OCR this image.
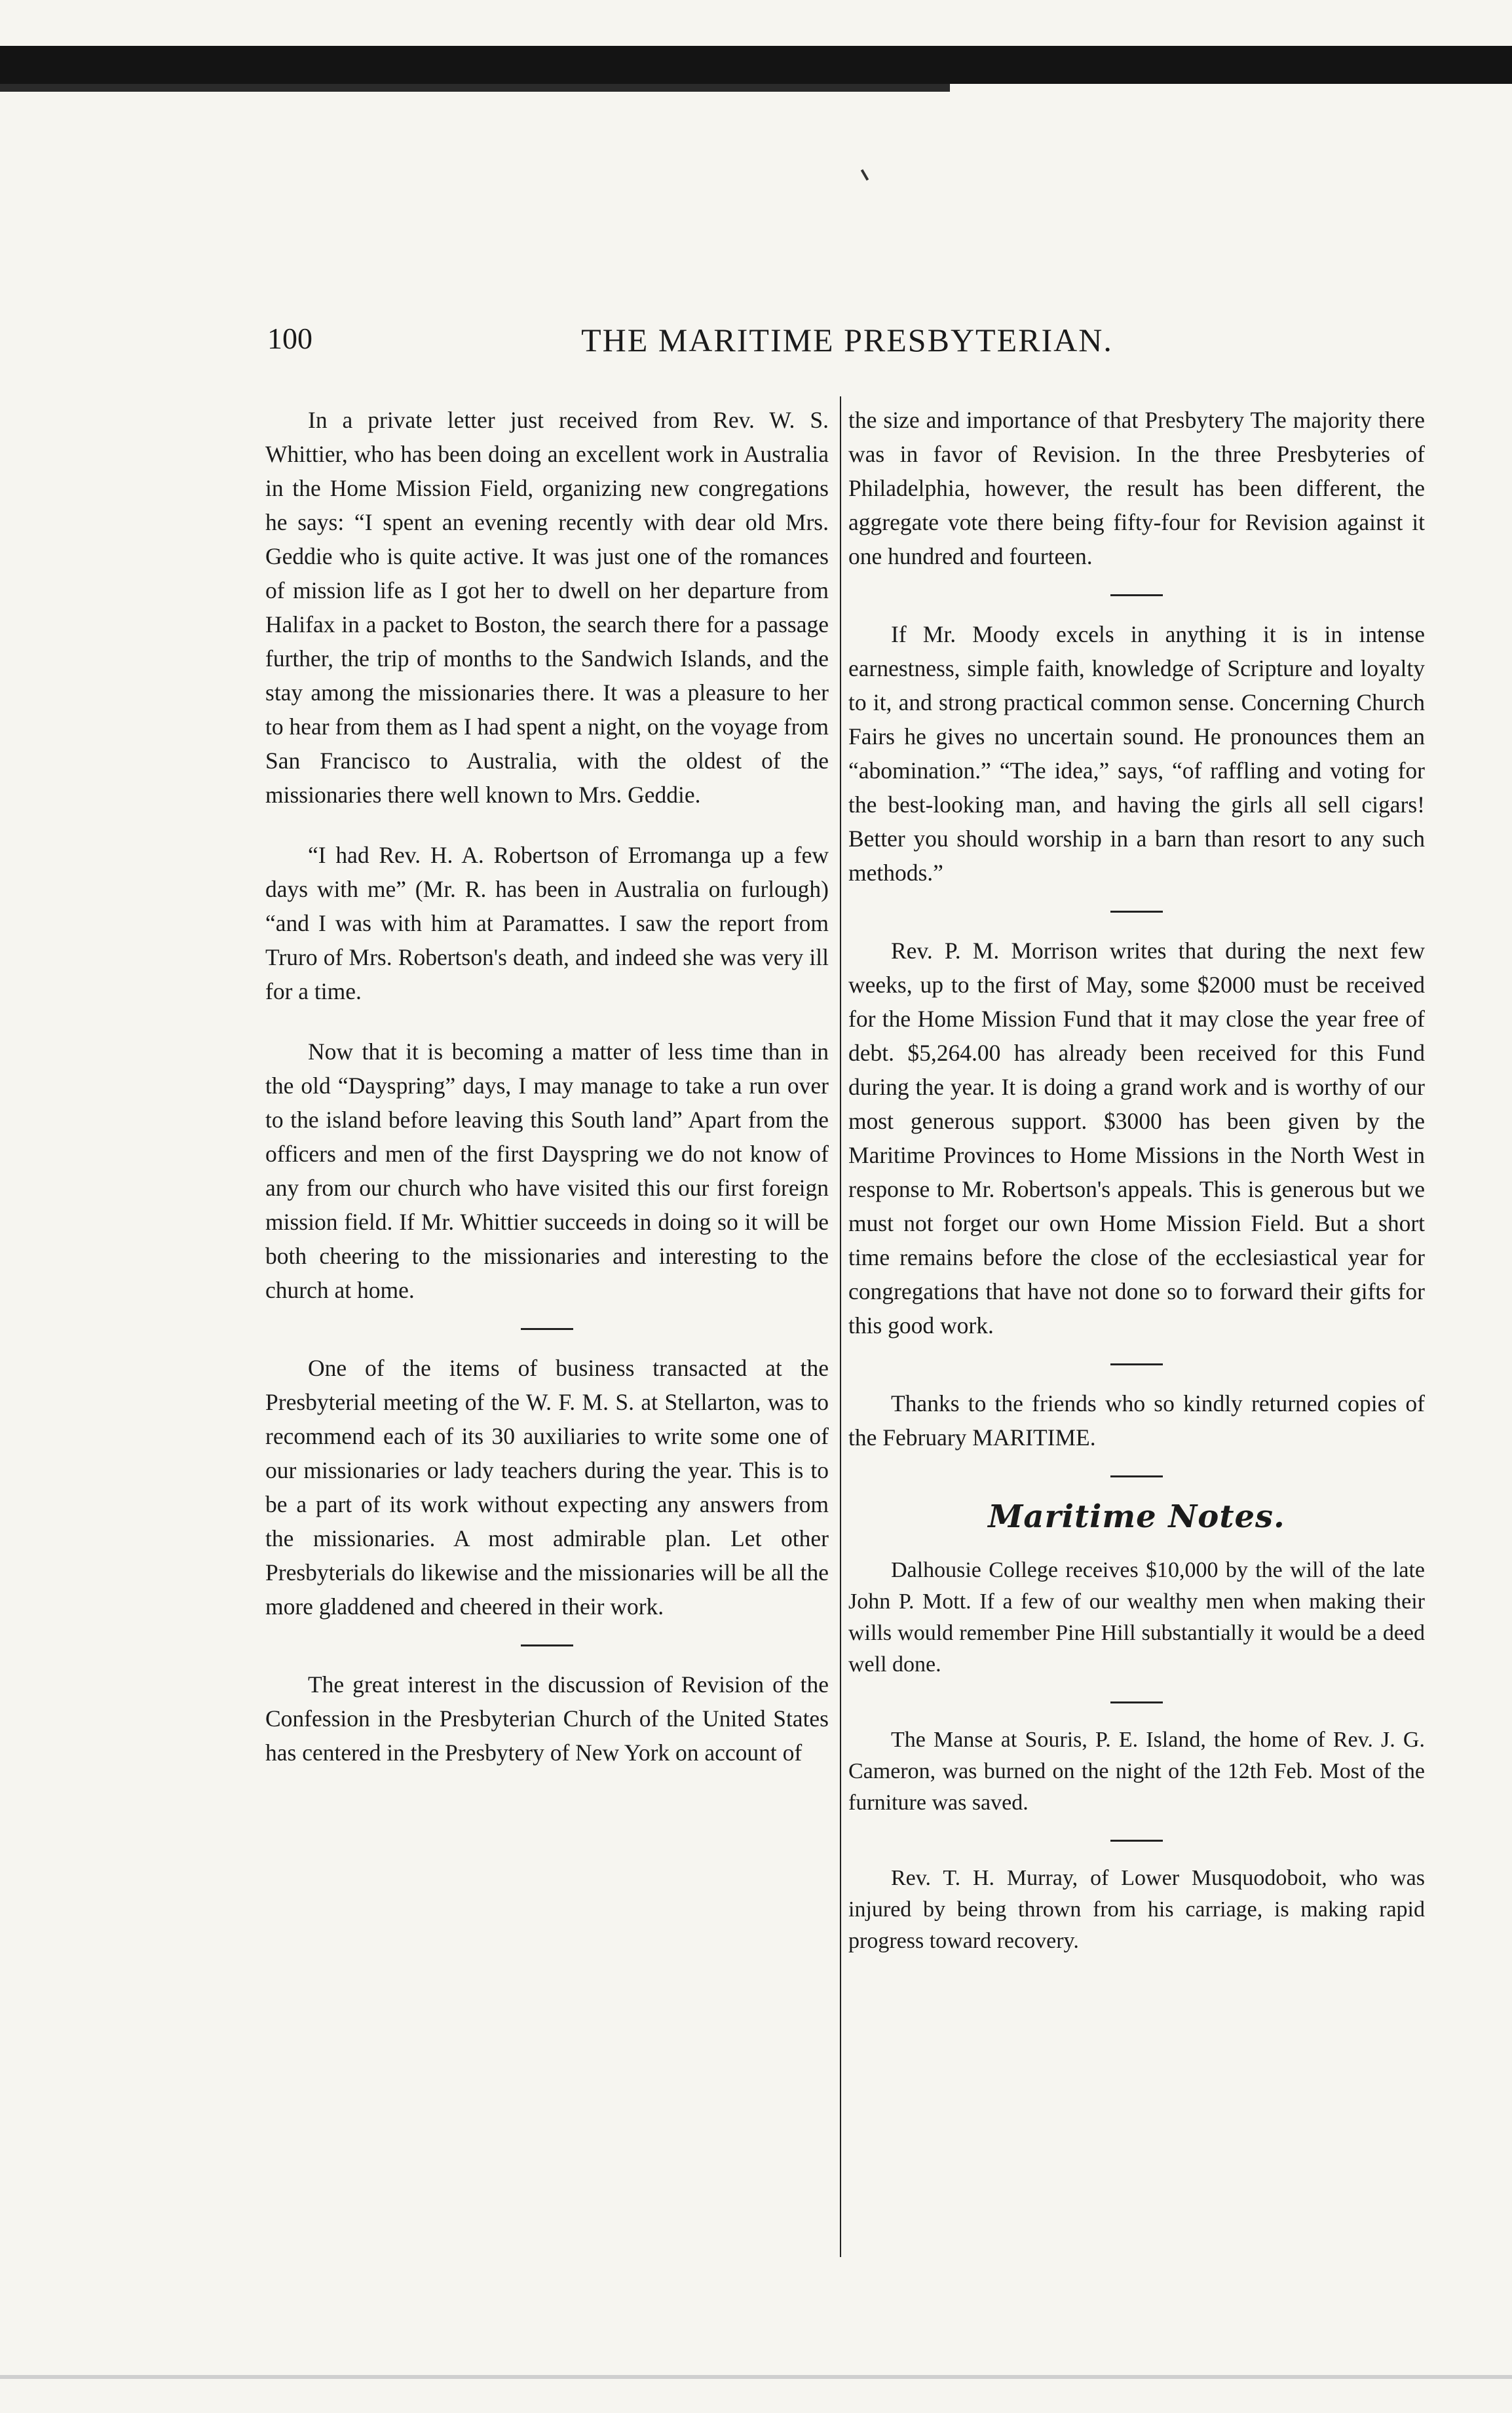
100	THE MARITIME PRESBYTERIAN.

In a private letter just received from Rev. W. S. Whittier, who has been doing an excellent work in Australia in the Home Mission Field, organizing new congregations he says: “I spent an evening recently with dear old Mrs. Geddie who is quite active. It was just one of the romances of mission life as I got her to dwell on her departure from Halifax in a packet to Boston, the search there for a passage further, the trip of months to the Sandwich Islands, and the stay among the missionaries there. It was a pleasure to her to hear from them as I had spent a night, on the voyage from San Francisco to Australia, with the oldest of the missionaries there well known to Mrs. Geddie.

“I had Rev. H. A. Robertson of Erromanga up a few days with me” (Mr. R. has been in Australia on furlough) “and I was with him at Paramattes. I saw the report from Truro of Mrs. Robertson's death, and indeed she was very ill for a time.

Now that it is becoming a matter of less time than in the old “Dayspring” days, I may manage to take a run over to the island before leaving this South land” Apart from the officers and men of the first Dayspring we do not know of any from our church who have visited this our first foreign mission field. If Mr. Whittier succeeds in doing so it will be both cheering to the missionaries and interesting to the church at home.

One of the items of business transacted at the Presbyterial meeting of the W. F. M. S. at Stellarton, was to recommend each of its 30 auxiliaries to write some one of our missionaries or lady teachers during the year. This is to be a part of its work without expecting any answers from the missionaries. A most admirable plan. Let other Presbyterials do likewise and the missionaries will be all the more gladdened and cheered in their work.

The great interest in the discussion of Revision of the Confession in the Presbyterian Church of the United States has centered in the Presbytery of New York on account of

the size and importance of that Presbytery The majority there was in favor of Revision. In the three Presbyteries of Philadelphia, however, the result has been different, the aggregate vote there being fifty-four for Revision against it one hundred and fourteen.

If Mr. Moody excels in anything it is in intense earnestness, simple faith, knowledge of Scripture and loyalty to it, and strong practical common sense. Concerning Church Fairs he gives no uncertain sound. He pronounces them an “abomination.” “The idea,” says, “of raffling and voting for the best-looking man, and having the girls all sell cigars! Better you should worship in a barn than resort to any such methods.”

Rev. P. M. Morrison writes that during the next few weeks, up to the first of May, some $2000 must be received for the Home Mission Fund that it may close the year free of debt. $5,264.00 has already been received for this Fund during the year. It is doing a grand work and is worthy of our most generous support. $3000 has been given by the Maritime Provinces to Home Missions in the North West in response to Mr. Robertson's appeals. This is generous but we must not forget our own Home Mission Field. But a short time remains before the close of the ecclesiastical year for congregations that have not done so to forward their gifts for this good work.

Thanks to the friends who so kindly returned copies of the February MARITIME.

Maritime Notes.

Dalhousie College receives $10,000 by the will of the late John P. Mott. If a few of our wealthy men when making their wills would remember Pine Hill substantially it would be a deed well done.

The Manse at Souris, P. E. Island, the home of Rev. J. G. Cameron, was burned on the night of the 12th Feb. Most of the furniture was saved.

Rev. T. H. Murray, of Lower Musquodoboit, who was injured by being thrown from his carriage, is making rapid progress toward recovery.
